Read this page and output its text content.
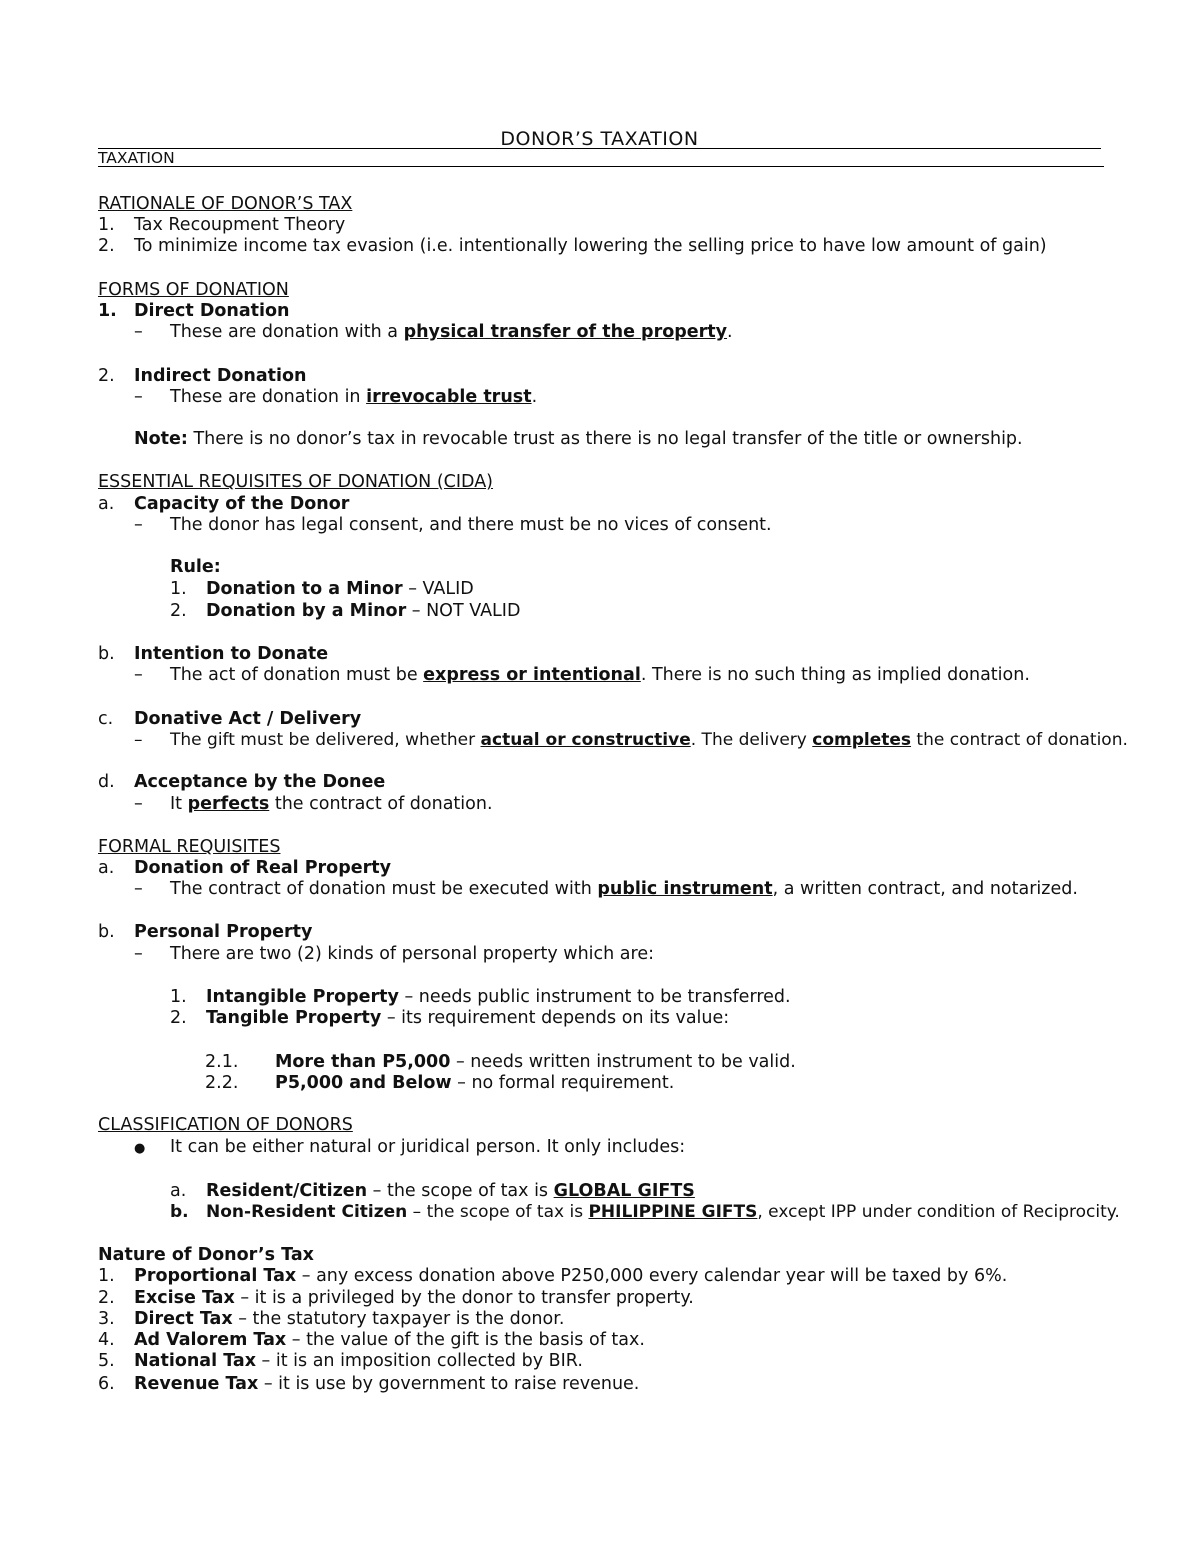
DONOR’S TAXATION
TAXATION
RATIONALE OF DONOR’S TAX
1. Tax Recoupment Theory
2. To minimize income tax evasion (i.e. intentionally lowering the selling price to have low amount of gain)
FORMS OF DONATION
1. Direct Donation
– These are donation with a physical transfer of the property.
2. Indirect Donation
– These are donation in irrevocable trust.
Note: There is no donor’s tax in revocable trust as there is no legal transfer of the title or ownership.
ESSENTIAL REQUISITES OF DONATION (CIDA)
a. Capacity of the Donor
– The donor has legal consent, and there must be no vices of consent.
Rule:
1. Donation to a Minor – VALID
2. Donation by a Minor – NOT VALID
b. Intention to Donate
– The act of donation must be express or intentional. There is no such thing as implied donation.
c. Donative Act / Delivery
– The gift must be delivered, whether actual or constructive. The delivery completes the contract of donation.
d. Acceptance by the Donee
– It perfects the contract of donation.
FORMAL REQUISITES
a. Donation of Real Property
– The contract of donation must be executed with public instrument, a written contract, and notarized.
b. Personal Property
– There are two (2) kinds of personal property which are:
1. Intangible Property – needs public instrument to be transferred.
2. Tangible Property – its requirement depends on its value:
2.1. More than P5,000 – needs written instrument to be valid.
2.2. P5,000 and Below – no formal requirement.
CLASSIFICATION OF DONORS
● It can be either natural or juridical person. It only includes:
a. Resident/Citizen – the scope of tax is GLOBAL GIFTS
b. Non-Resident Citizen – the scope of tax is PHILIPPINE GIFTS, except IPP under condition of Reciprocity.
Nature of Donor’s Tax
1. Proportional Tax – any excess donation above P250,000 every calendar year will be taxed by 6%.
2. Excise Tax – it is a privileged by the donor to transfer property.
3. Direct Tax – the statutory taxpayer is the donor.
4. Ad Valorem Tax – the value of the gift is the basis of tax.
5. National Tax – it is an imposition collected by BIR.
6. Revenue Tax – it is use by government to raise revenue.
